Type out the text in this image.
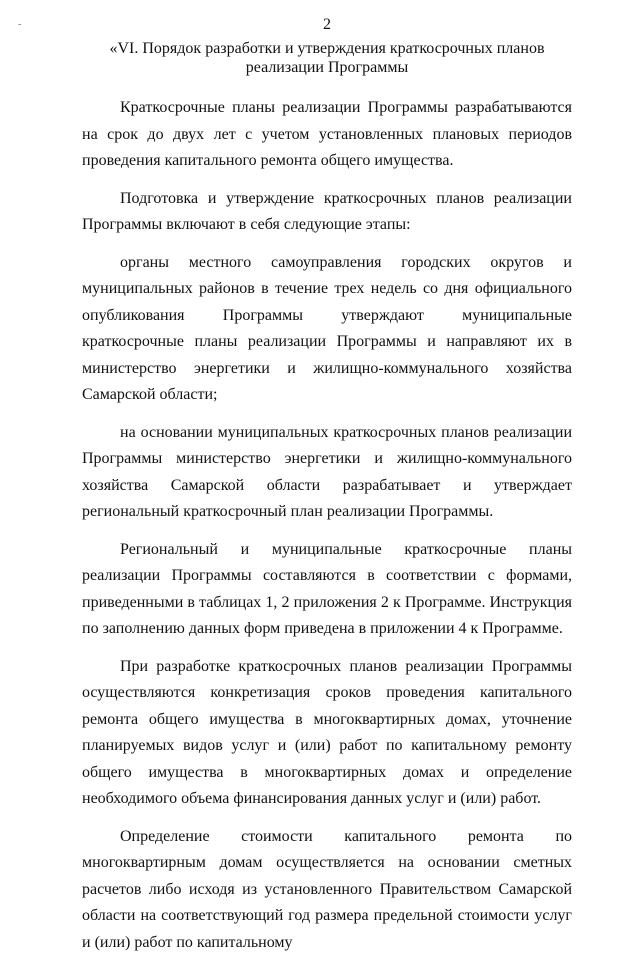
-	2
«VI. Порядок разработки и утверждения краткосрочных планов реализации Программы

Краткосрочные планы реализации Программы разрабатываются на срок до двух лет с учетом установленных плановых периодов проведения капитального ремонта общего имущества.

Подготовка и утверждение краткосрочных планов реализации Программы включают в себя следующие этапы:

органы местного самоуправления городских округов и муниципальных районов в течение трех недель со дня официального опубликования Программы утверждают муниципальные краткосрочные планы реализации Программы и направляют их в министерство энергетики и жилищно-коммунального хозяйства Самарской области;

на основании муниципальных краткосрочных планов реализации Программы министерство энергетики и жилищно-коммунального хозяйства Самарской области разрабатывает и утверждает региональный краткосрочный план реализации Программы.

Региональный и муниципальные краткосрочные планы реализации Программы составляются в соответствии с формами, приведенными в таблицах 1, 2 приложения 2 к Программе. Инструкция по заполнению данных форм приведена в приложении 4 к Программе.

При разработке краткосрочных планов реализации Программы осуществляются конкретизация сроков проведения капитального ремонта общего имущества в многоквартирных домах, уточнение планируемых видов услуг и (или) работ по капитальному ремонту общего имущества в многоквартирных домах и определение необходимого объема финансирования данных услуг и (или) работ.

Определение стоимости капитального ремонта по многоквартирным домам осуществляется на основании сметных расчетов либо исходя из установленного Правительством Самарской области на соответствующий год размера предельной стоимости услуг и (или) работ по капитальному
